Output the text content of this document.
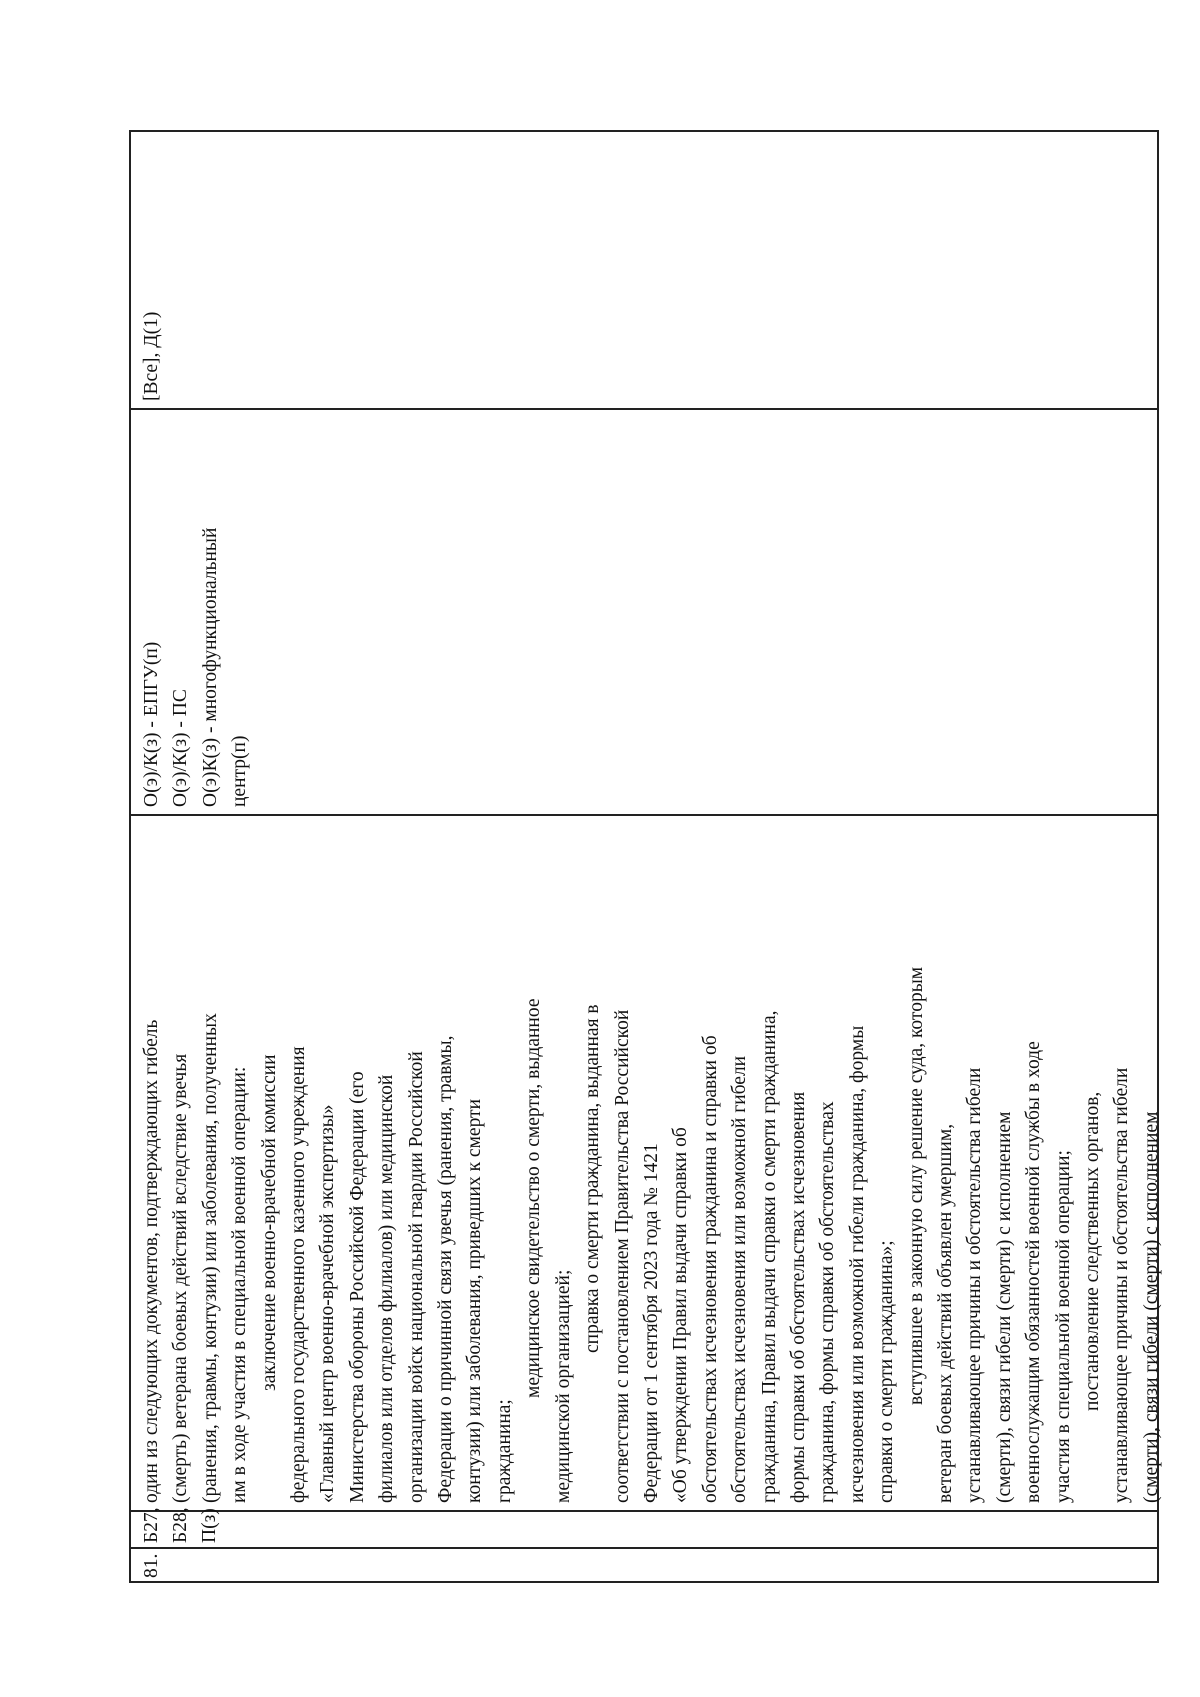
81.
Б27, Б28, П(з)
один из следующих документов, подтверждающих гибель (смерть) ветерана боевых действий вследствие увечья (ранения, травмы, контузии) или заболевания, полученных им в ходе участия в специальной военной операции: заключение военно-врачебной комиссии федерального государственного казенного учреждения «Главный центр военно-врачебной экспертизы» Министерства обороны Российской Федерации (его филиалов или отделов филиалов) или медицинской организации войск национальной гвардии Российской Федерации о причинной связи увечья (ранения, травмы, контузии) или заболевания, приведших к смерти гражданина;
медицинское свидетельство о смерти, выданное медицинской организацией;
справка о смерти гражданина, выданная в соответствии с постановлением Правительства Российской Федерации от 1 сентября 2023 года № 1421 «Об утверждении Правил выдачи справки об обстоятельствах исчезновения гражданина и справки об обстоятельствах исчезновения или возможной гибели гражданина, Правил выдачи справки о смерти гражданина, формы справки об обстоятельствах исчезновения гражданина, формы справки об обстоятельствах исчезновения или возможной гибели гражданина, формы справки о смерти гражданина»; вступившее в законную силу решение суда, которым ветеран боевых действий объявлен умершим, устанавливающее причины и обстоятельства гибели (смерти), связи гибели (смерти) с исполнением военнослужащим обязанностей военной службы в ходе участия в специальной военной операции; постановление следственных органов, устанавливающее причины и обстоятельства гибели (смерти), связи гибели (смерти) с исполнением
О(э)/К(з) - ЕПГУ(п) О(э)/К(з) - ПС О(э)К(з) - многофункциональный центр(п)
[Все], Д(1)
